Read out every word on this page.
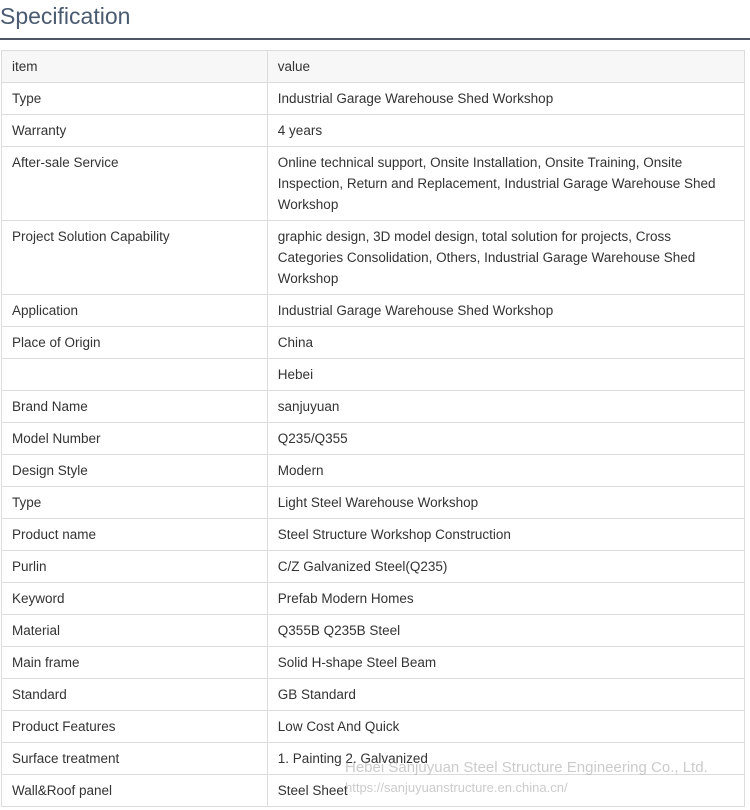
Specification
item	value
Type	Industrial Garage Warehouse Shed Workshop
Warranty	4 years
After-sale Service	Online technical support, Onsite Installation, Onsite Training, Onsite Inspection, Return and Replacement, Industrial Garage Warehouse Shed Workshop
Project Solution Capability	graphic design, 3D model design, total solution for projects, Cross Categories Consolidation, Others, Industrial Garage Warehouse Shed Workshop
Application	Industrial Garage Warehouse Shed Workshop
Place of Origin	China
	Hebei
Brand Name	sanjuyuan
Model Number	Q235/Q355
Design Style	Modern
Type	Light Steel Warehouse Workshop
Product name	Steel Structure Workshop Construction
Purlin	C/Z Galvanized Steel(Q235)
Keyword	Prefab Modern Homes
Material	Q355B Q235B Steel
Main frame	Solid H-shape Steel Beam
Standard	GB Standard
Product Features	Low Cost And Quick
Surface treatment	1. Painting 2. Galvanized
Wall&Roof panel	Steel Sheet
Hebei Sanjuyuan Steel Structure Engineering Co., Ltd.
https://sanjuyuanstructure.en.china.cn/
